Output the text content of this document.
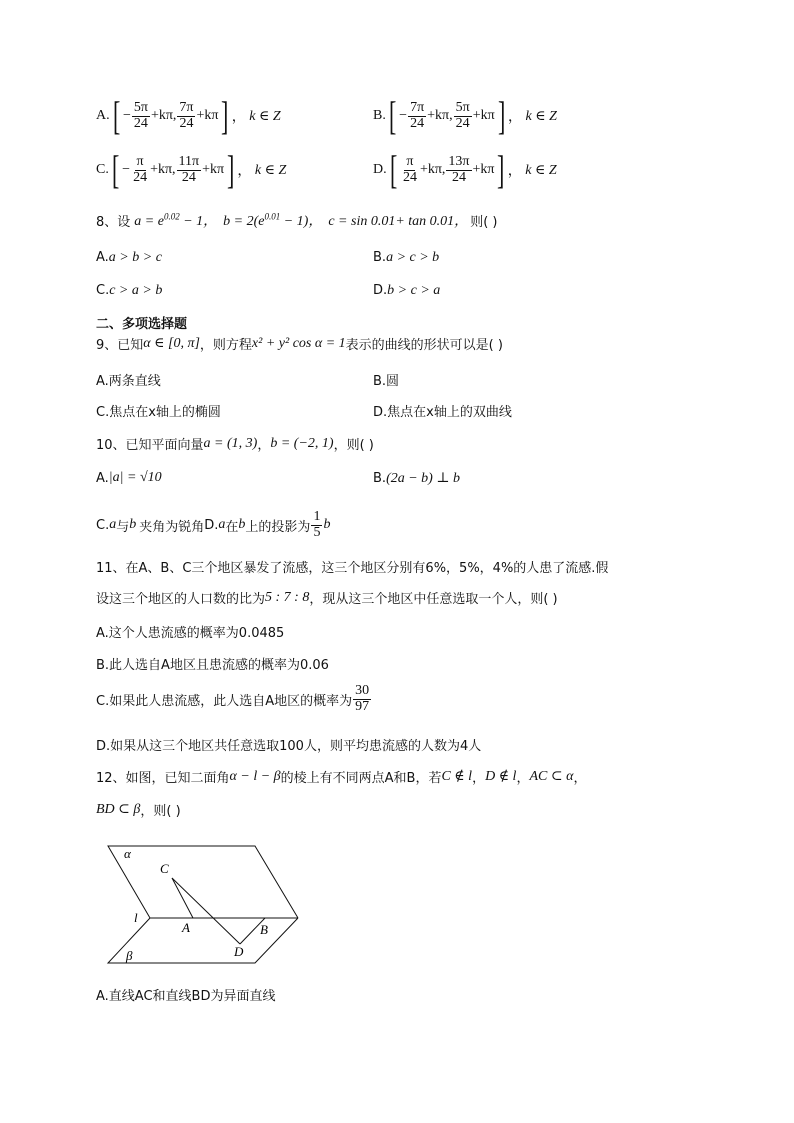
A. [ − $\frac{5\pi}{24} +k\pi$ , $\frac{7\pi}{24} +k\pi$ ] ， k ∈ Z	B. [ − $\frac{7\pi}{24} +k\pi$ , $\frac{5\pi}{24} +k\pi$ ] ， k ∈ Z
C. [ − $\frac{\pi}{24} +k\pi$ , $\frac{11\pi}{24} +k\pi$ ] ， k ∈ Z	D. [ $\frac{\pi}{24} +k\pi$ , $\frac{13\pi}{24} +k\pi$ ] ， k ∈ Z
8、设 $a = e^{0.02} - 1$， $b = 2(e^{0.01} - 1)$， c = sin 0.01+ tan 0.01， 则( )
A.a > b > c	B.a > c > b
C.c > a > b	D.b > c > a
二、多项选择题
9、已知 α ∈ [0, π] ，则方程 x² + y² cos α = 1 表示的曲线的形状可以是( )
A.两条直线	B.圆
C.焦点在x轴上的椭圆	D.焦点在x轴上的双曲线
10、已知平面向量 a = (1, 3) ， b = (−2, 1) ，则( )
A. |a| = √10	B. (2a − b) ⊥ b
C. a 与 b 夹角为锐角 D. a 在 b 上的投影为 $\frac{1}{5}$ b
11、在A、B、C三个地区暴发了流感，这三个地区分别有6%，5%，4%的人患了流感.假
设这三个地区的人口数的比为 5 : 7 : 8 ，现从这三个地区中任意选取一个人，则( )
A.这个人患流感的概率为0.0485
B.此人选自A地区且患流感的概率为0.06
C.如果此人患流感，此人选自A地区的概率为 $\frac{30}{97}$
D.如果从这三个地区共任意选取100人，则平均患流感的人数为4人
12、如图，已知二面角 α − l − β 的棱上有不同两点A和B，若 C ∉ l ， D ∉ l ， AC ⊂ α ，
BD ⊂ β ，则( )
α
C
l
A	B
D
β
A.直线AC和直线BD为异面直线
